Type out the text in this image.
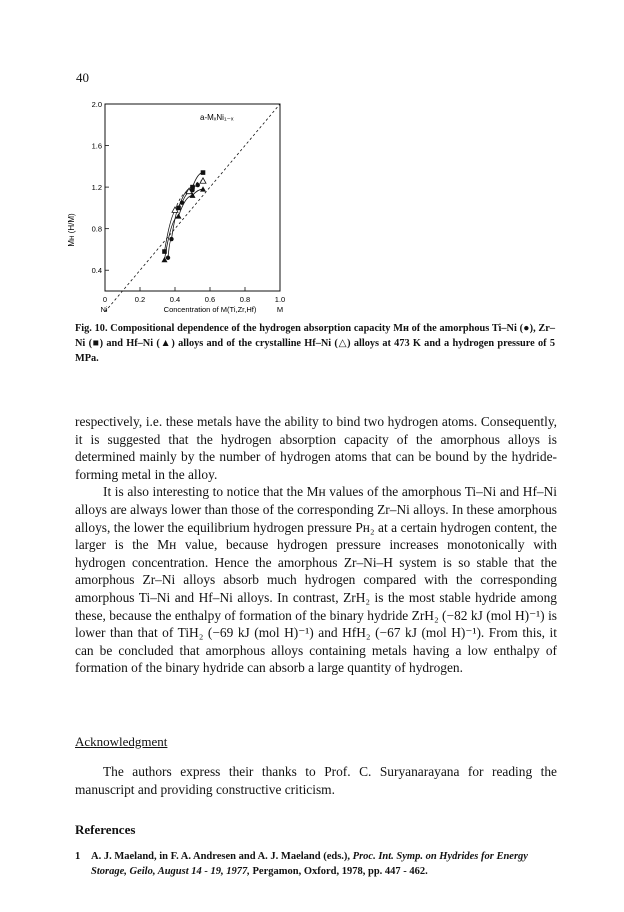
40
0	0.2	0.4	0.6	0.8	1.0
0.4
0.8
1.2
1.6
2.0
a-MₓNi₁₋ₓ
Mʜ (H/M)
Concentration of M(Ti,Zr,Hf)
Ni	M
Fig. 10. Compositional dependence of the hydrogen absorption capacity Mʜ of the amorphous Ti–Ni (●), Zr–Ni (■) and Hf–Ni (▲) alloys and of the crystalline Hf–Ni (△) alloys at 473 K and a hydrogen pressure of 5 MPa.

respectively, i.e. these metals have the ability to bind two hydrogen atoms. Consequently, it is suggested that the hydrogen absorption capacity of the amorphous alloys is determined mainly by the number of hydrogen atoms that can be bound by the hydride-forming metal in the alloy.

It is also interesting to notice that the Mʜ values of the amorphous Ti–Ni and Hf–Ni alloys are always lower than those of the corresponding Zr–Ni alloys. In these amorphous alloys, the lower the equilibrium hydrogen pressure Pʜ₂ at a certain hydrogen content, the larger is the Mʜ value, because hydrogen pressure increases monotonically with hydrogen concentration. Hence the amorphous Zr–Ni–H system is so stable that the amorphous Zr–Ni alloys absorb much hydrogen compared with the corresponding amorphous Ti–Ni and Hf–Ni alloys. In contrast, ZrH₂ is the most stable hydride among these, because the enthalpy of formation of the binary hydride ZrH₂ (−82 kJ (mol H)⁻¹) is lower than that of TiH₂ (−69 kJ (mol H)⁻¹) and HfH₂ (−67 kJ (mol H)⁻¹). From this, it can be concluded that amorphous alloys containing metals having a low enthalpy of formation of the binary hydride can absorb a large quantity of hydrogen.

Acknowledgment

The authors express their thanks to Prof. C. Suryanarayana for reading the manuscript and providing constructive criticism.

References
1 A. J. Maeland, in F. A. Andresen and A. J. Maeland (eds.), Proc. Int. Symp. on Hydrides for Energy Storage, Geilo, August 14 - 19, 1977, Pergamon, Oxford, 1978, pp. 447 - 462.
